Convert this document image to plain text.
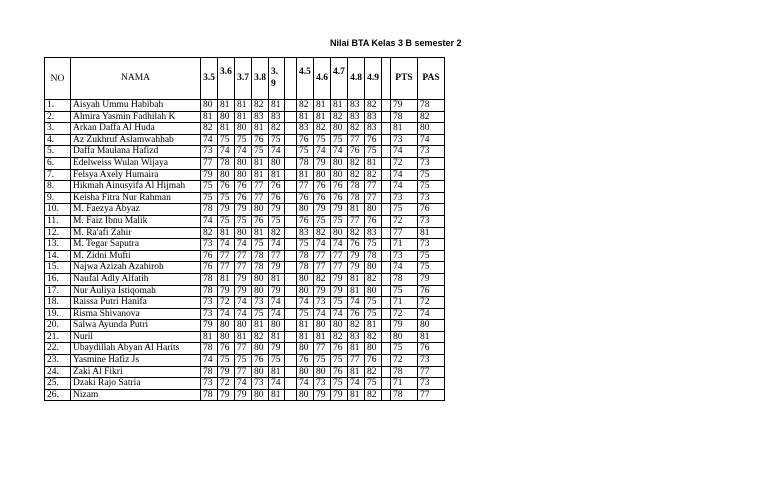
Nilai BTA Kelas 3 B semester 2
NO	NAMA	3.5	3.6	3.7	3.8	3.9		4.5	4.6	4.7	4.8	4.9		PTS	PAS
1.	Aisyah Ummu Habibah	80	81	81	82	81		82	81	81	83	82		79	78
2.	Almira Yasmin Fadhilah K	81	80	81	83	83		81	81	82	83	83		78	82
3.	Arkan Daffa Al Huda	82	81	80	81	82		83	82	80	82	83		81	80
4.	Az Zukhruf Aslamwahhab	74	75	75	76	75		76	75	75	77	76		73	74
5.	Daffa Maulana Hafizd	73	74	74	75	74		75	74	74	76	75		74	73
6.	Edelweiss Wulan Wijaya	77	78	80	81	80		78	79	80	82	81		72	73
7.	Felsya Axely Humaira	79	80	80	81	81		81	80	80	82	82		74	75
8.	Hikmah Ainusyifa Al Hijmah	75	76	76	77	76		77	76	76	78	77		74	75
9.	Keisha Fitra Nur Rahman	75	75	76	77	76		76	76	76	78	77		73	73
10.	M. Faezya Abyaz	78	79	79	80	79		80	79	79	81	80		75	76
11.	M. Faiz Ibnu Malik	74	75	75	76	75		76	75	75	77	76		72	73
12.	M. Ra'afi Zahir	82	81	80	81	82		83	82	80	82	83		77	81
13.	M. Tegar Saputra	73	74	74	75	74		75	74	74	76	75		71	73
14.	M. Zidni Mufti	76	77	77	78	77		78	77	77	79	78		73	75
15.	Najwa Azizah Azahiroh	76	77	77	78	79		78	77	77	79	80		74	75
16.	Naufal Adly Alfatih	78	81	79	80	81		80	82	79	81	82		78	79
17.	Nur Auliya Istiqomah	78	79	79	80	79		80	79	79	81	80		75	76
18.	Raissa Putri Hanifa	73	72	74	73	74		74	73	75	74	75		71	72
19.	Risma Shivanova	73	74	74	75	74		75	74	74	76	75		72	74
20.	Salwa Ayunda Putri	79	80	80	81	80		81	80	80	82	81		79	80
21.	Nuril	81	80	81	82	81		81	81	82	83	82		80	81
22.	Ubaydillah Abyan Al Harits	78	76	77	80	79		80	77	76	81	80		75	76
23.	Yasmine Hafiz Js	74	75	75	76	75		76	75	75	77	76		72	73
24.	Zaki Al Fikri	78	79	77	80	81		80	80	76	81	82		78	77
25.	Dzaki Rajo Satria	73	72	74	73	74		74	73	75	74	75		71	73
26.	Nizam	78	79	79	80	81		80	79	79	81	82		78	77
